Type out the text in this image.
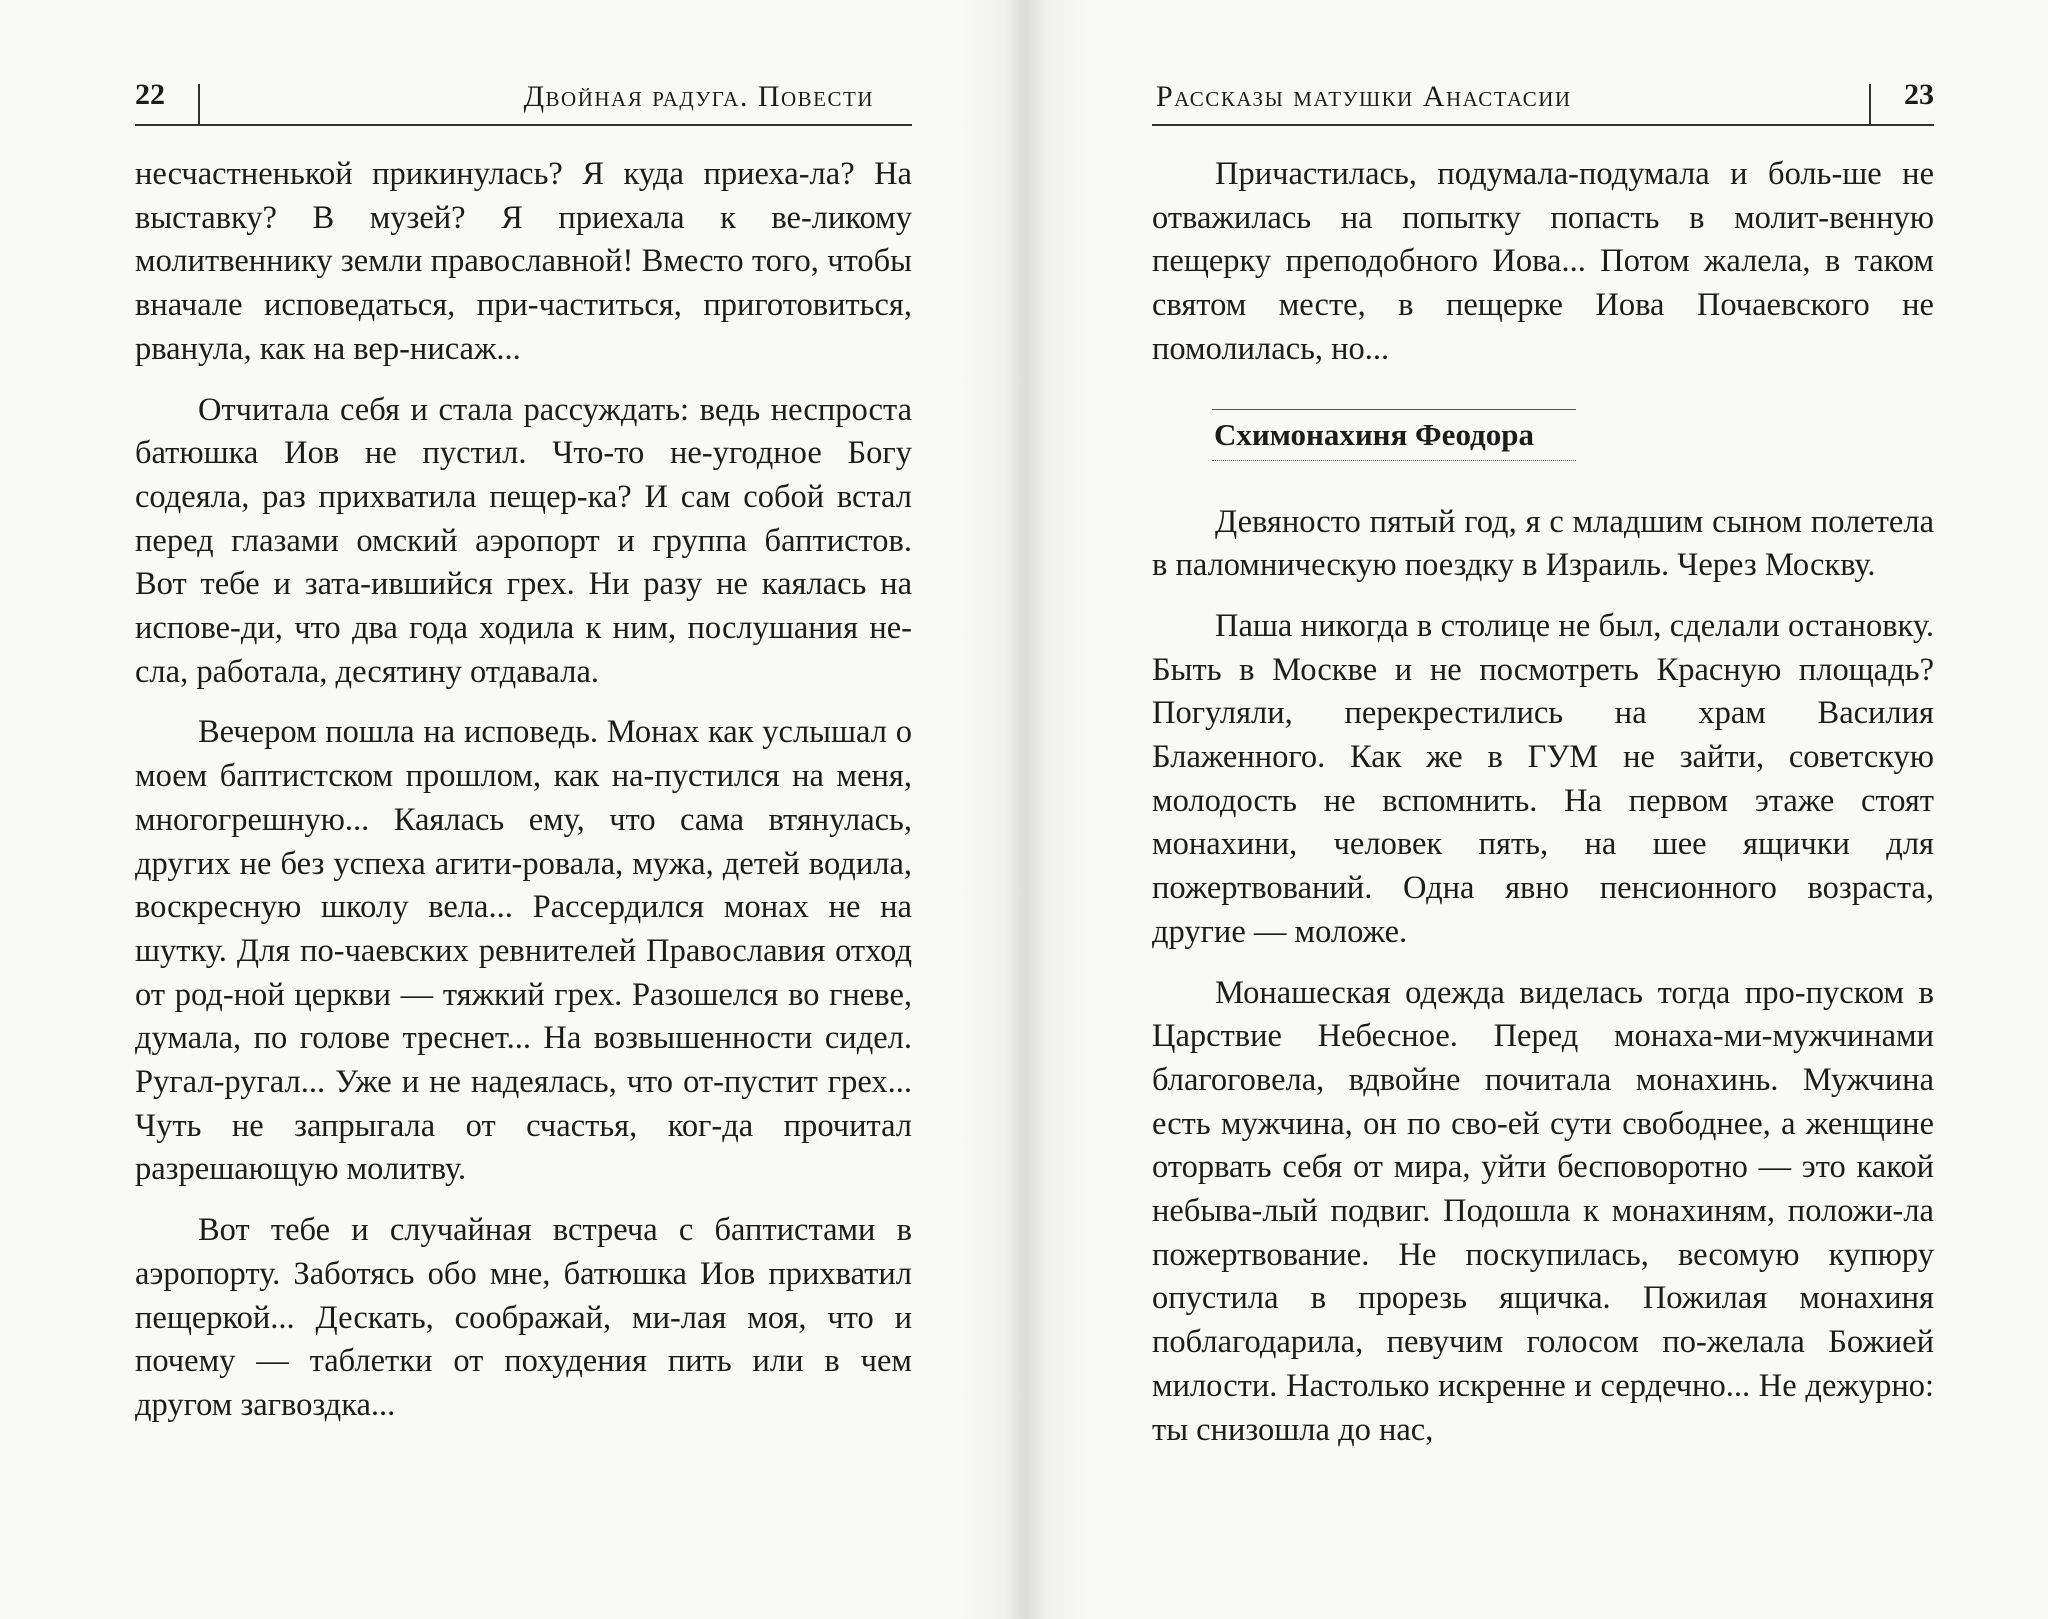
22	Двойная радуга. Повести

несчастненькой прикинулась? Я куда приеха-ла? На выставку? В музей? Я приехала к ве-ликому молитвеннику земли православной! Вместо того, чтобы вначале исповедаться, при-частиться, приготовиться, рванула, как на вер-нисаж...

Отчитала себя и стала рассуждать: ведь неспроста батюшка Иов не пустил. Что-то не-угодное Богу содеяла, раз прихватила пещер-ка? И сам собой встал перед глазами омский аэропорт и группа баптистов. Вот тебе и зата-ившийся грех. Ни разу не каялась на испове-ди, что два года ходила к ним, послушания не-сла, работала, десятину отдавала.

Вечером пошла на исповедь. Монах как услышал о моем баптистском прошлом, как на-пустился на меня, многогрешную... Каялась ему, что сама втянулась, других не без успеха агити-ровала, мужа, детей водила, воскресную школу вела... Рассердился монах не на шутку. Для по-чаевских ревнителей Православия отход от род-ной церкви — тяжкий грех. Разошелся во гневе, думала, по голове треснет... На возвышенности сидел. Ругал-ругал... Уже и не надеялась, что от-пустит грех... Чуть не запрыгала от счастья, ког-да прочитал разрешающую молитву.

Вот тебе и случайная встреча с баптистами в аэропорту. Заботясь обо мне, батюшка Иов прихватил пещеркой... Дескать, соображай, ми-лая моя, что и почему — таблетки от похудения пить или в чем другом загвоздка...

Рассказы матушки Анастасии	23

Причастилась, подумала-подумала и боль-ше не отважилась на попытку попасть в молит-венную пещерку преподобного Иова... Потом жалела, в таком святом месте, в пещерке Иова Почаевского не помолилась, но...

Схимонахиня Феодора

Девяносто пятый год, я с младшим сыном полетела в паломническую поездку в Израиль. Через Москву.

Паша никогда в столице не был, сделали остановку. Быть в Москве и не посмотреть Красную площадь? Погуляли, перекрестились на храм Василия Блаженного. Как же в ГУМ не зайти, советскую молодость не вспомнить. На первом этаже стоят монахини, человек пять, на шее ящички для пожертвований. Одна явно пенсионного возраста, другие — моложе.

Монашеская одежда виделась тогда про-пуском в Царствие Небесное. Перед монаха-ми-мужчинами благоговела, вдвойне почитала монахинь. Мужчина есть мужчина, он по сво-ей сути свободнее, а женщине оторвать себя от мира, уйти бесповоротно — это какой небыва-лый подвиг. Подошла к монахиням, положи-ла пожертвование. Не поскупилась, весомую купюру опустила в прорезь ящичка. Пожилая монахиня поблагодарила, певучим голосом по-желала Божией милости. Настолько искренне и сердечно... Не дежурно: ты снизошла до нас,
